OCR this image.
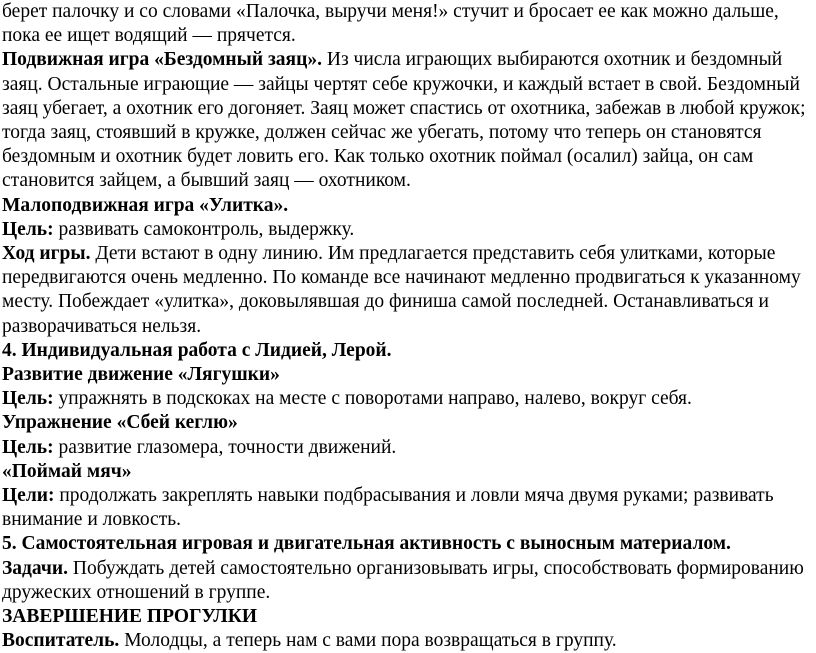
берет палочку и со словами «Палочка, выручи меня!» стучит и бросает ее как можно дальше, пока ее ищет водящий — прячется.

Подвижная игра «Бездомный заяц». Из числа играющих выбираются охотник и бездомный заяц. Остальные играющие — зайцы чертят себе кружочки, и каждый встает в свой. Бездомный заяц убегает, а охотник его догоняет. Заяц может спастись от охотника, забежав в любой кружок; тогда заяц, стоявший в кружке, должен сейчас же убегать, потому что теперь он становятся бездомным и охотник будет ловить его. Как только охотник поймал (осалил) зайца, он сам становится зайцем, а бывший заяц — охотником.

Малоподвижная игра «Улитка».

Цель: развивать самоконтроль, выдержку.

Ход игры. Дети встают в одну линию. Им предлагается представить себя улитками, которые передвигаются очень медленно. По команде все начинают медленно продвигаться к указанному месту. Побеждает «улитка», доковылявшая до финиша самой последней. Останавливаться и разворачиваться нельзя.

4. Индивидуальная работа с Лидией, Лерой.

Развитие движение «Лягушки»

Цель: упражнять в подскоках на месте с поворотами направо, налево, вокруг себя.

Упражнение «Сбей кеглю»

Цель: развитие глазомера, точности движений.

«Поймай мяч»

Цели: продолжать закреплять навыки подбрасывания и ловли мяча двумя руками; развивать внимание и ловкость.

5. Самостоятельная игровая и двигательная активность с выносным материалом.

Задачи. Побуждать детей самостоятельно организовывать игры, способствовать формированию дружеских отношений в группе.

ЗАВЕРШЕНИЕ ПРОГУЛКИ

Воспитатель. Молодцы, а теперь нам с вами пора возвращаться в группу.
